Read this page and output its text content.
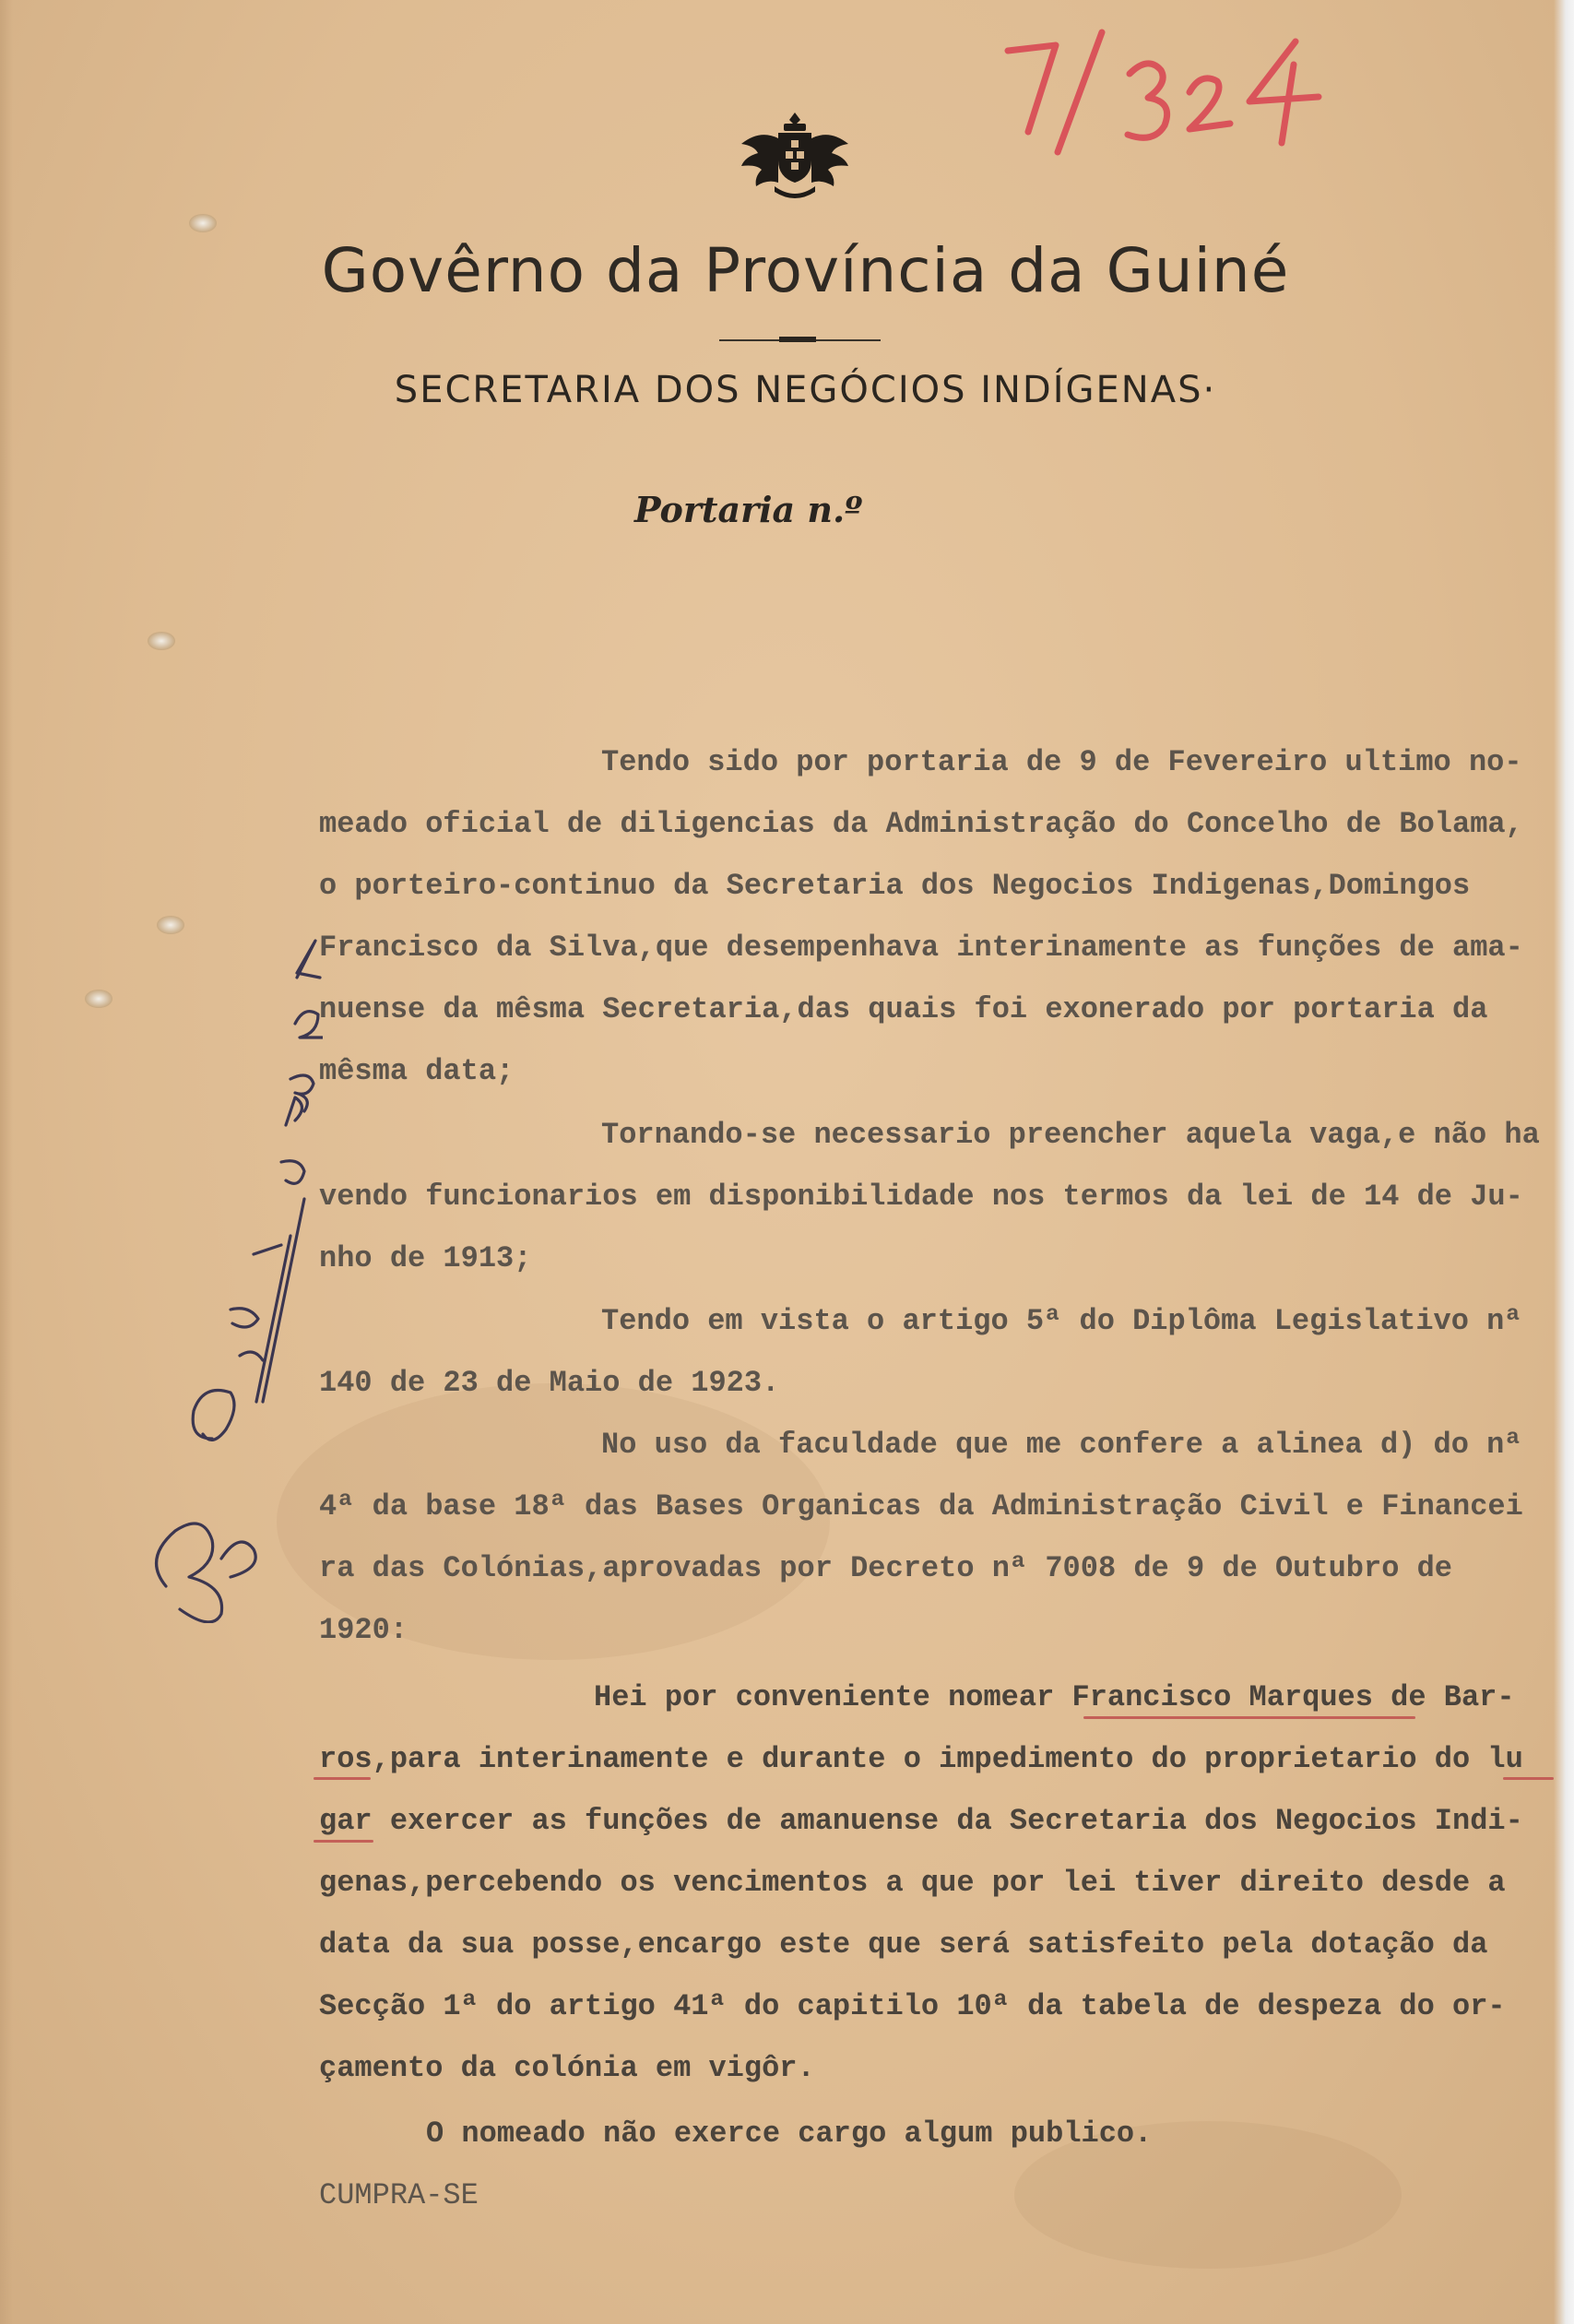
Govêrno da Província da Guiné
SECRETARIA DOS NEGÓCIOS INDÍGENAS·
Portaria n.º
Tendo sido por portaria de 9 de Fevereiro ultimo no-
meado oficial de diligencias da Administração do Concelho de Bolama,
o porteiro-continuo da Secretaria dos Negocios Indigenas,Domingos
Francisco da Silva,que desempenhava interinamente as funções de ama-
nuense da mêsma Secretaria,das quais foi exonerado por portaria da
mêsma data;
Tornando-se necessario preencher aquela vaga,e não ha
vendo funcionarios em disponibilidade nos termos da lei de 14 de Ju-
nho de 1913;
Tendo em vista o artigo 5ª do Diplôma Legislativo nª
140 de 23 de Maio de 1923.
No uso da faculdade que me confere a alinea d) do nª
4ª da base 18ª das Bases Organicas da Administração Civil e Financei
ra das Colónias,aprovadas por Decreto nª 7008 de 9 de Outubro de
1920:
Hei por conveniente nomear Francisco Marques de Bar-
ros,para interinamente e durante o impedimento do proprietario do lu
gar exercer as funções de amanuense da Secretaria dos Negocios Indi-
genas,percebendo os vencimentos a que por lei tiver direito desde a
data da sua posse,encargo este que será satisfeito pela dotação da
Secção 1ª do artigo 41ª do capitilo 10ª da tabela de despeza do or-
çamento da colónia em vigôr.
O nomeado não exerce cargo algum publico.
CUMPRA-SE
